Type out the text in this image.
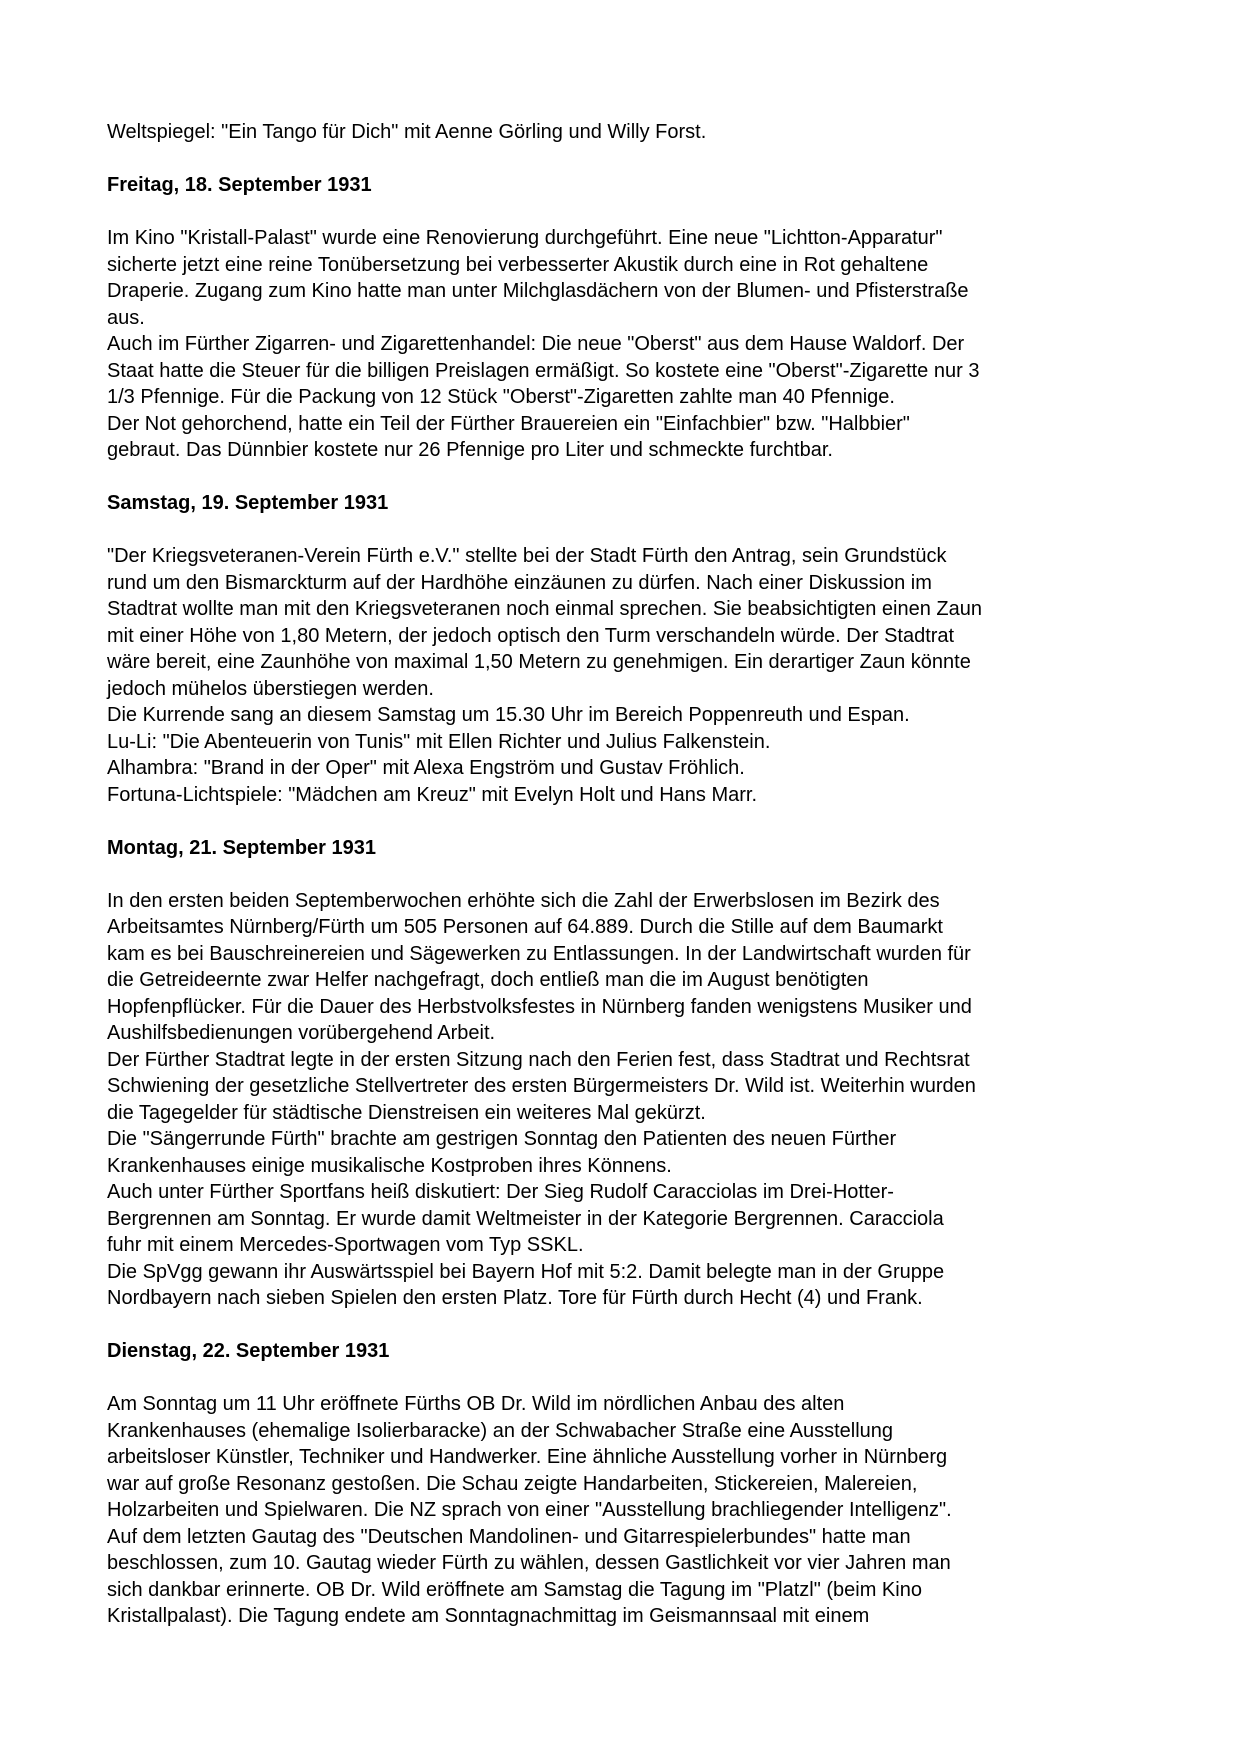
Weltspiegel: "Ein Tango für Dich" mit Aenne Görling und Willy Forst.
Freitag, 18. September 1931
Im Kino "Kristall-Palast" wurde eine Renovierung durchgeführt. Eine neue "Lichtton-Apparatur"
sicherte jetzt eine reine Tonübersetzung bei verbesserter Akustik durch eine in Rot gehaltene
Draperie. Zugang zum Kino hatte man unter Milchglasdächern von der Blumen- und Pfisterstraße
aus.
Auch im Fürther Zigarren- und Zigarettenhandel: Die neue "Oberst" aus dem Hause Waldorf. Der
Staat hatte die Steuer für die billigen Preislagen ermäßigt. So kostete eine "Oberst"-Zigarette nur 3
1/3 Pfennige. Für die Packung von 12 Stück "Oberst"-Zigaretten zahlte man 40 Pfennige.
Der Not gehorchend, hatte ein Teil der Fürther Brauereien ein "Einfachbier" bzw. "Halbbier"
gebraut. Das Dünnbier kostete nur 26 Pfennige pro Liter und schmeckte furchtbar.
Samstag, 19. September 1931
"Der Kriegsveteranen-Verein Fürth e.V." stellte bei der Stadt Fürth den Antrag, sein Grundstück
rund um den Bismarckturm auf der Hardhöhe einzäunen zu dürfen. Nach einer Diskussion im
Stadtrat wollte man mit den Kriegsveteranen noch einmal sprechen. Sie beabsichtigten einen Zaun
mit einer Höhe von 1,80 Metern, der jedoch optisch den Turm verschandeln würde. Der Stadtrat
wäre bereit, eine Zaunhöhe von maximal 1,50 Metern zu genehmigen. Ein derartiger Zaun könnte
jedoch mühelos überstiegen werden.
Die Kurrende sang an diesem Samstag um 15.30 Uhr im Bereich Poppenreuth und Espan.
Lu-Li: "Die Abenteuerin von Tunis" mit Ellen Richter und Julius Falkenstein.
Alhambra: "Brand in der Oper" mit Alexa Engström und Gustav Fröhlich.
Fortuna-Lichtspiele: "Mädchen am Kreuz" mit Evelyn Holt und Hans Marr.
Montag, 21. September 1931
In den ersten beiden Septemberwochen erhöhte sich die Zahl der Erwerbslosen im Bezirk des
Arbeitsamtes Nürnberg/Fürth um 505 Personen auf 64.889. Durch die Stille auf dem Baumarkt
kam es bei Bauschreinereien und Sägewerken zu Entlassungen. In der Landwirtschaft wurden für
die Getreideernte zwar Helfer nachgefragt, doch entließ man die im August benötigten
Hopfenpflücker. Für die Dauer des Herbstvolksfestes in Nürnberg fanden wenigstens Musiker und
Aushilfsbedienungen vorübergehend Arbeit.
Der Fürther Stadtrat legte in der ersten Sitzung nach den Ferien fest, dass Stadtrat und Rechtsrat
Schwiening der gesetzliche Stellvertreter des ersten Bürgermeisters Dr. Wild ist. Weiterhin wurden
die Tagegelder für städtische Dienstreisen ein weiteres Mal gekürzt.
Die "Sängerrunde Fürth" brachte am gestrigen Sonntag den Patienten des neuen Fürther
Krankenhauses einige musikalische Kostproben ihres Könnens.
Auch unter Fürther Sportfans heiß diskutiert: Der Sieg Rudolf Caracciolas im Drei-Hotter-
Bergrennen am Sonntag. Er wurde damit Weltmeister in der Kategorie Bergrennen. Caracciola
fuhr mit einem Mercedes-Sportwagen vom Typ SSKL.
Die SpVgg gewann ihr Auswärtsspiel bei Bayern Hof mit 5:2. Damit belegte man in der Gruppe
Nordbayern nach sieben Spielen den ersten Platz. Tore für Fürth durch Hecht (4) und Frank.
Dienstag, 22. September 1931
Am Sonntag um 11 Uhr eröffnete Fürths OB Dr. Wild im nördlichen Anbau des alten
Krankenhauses (ehemalige Isolierbaracke) an der Schwabacher Straße eine Ausstellung
arbeitsloser Künstler, Techniker und Handwerker. Eine ähnliche Ausstellung vorher in Nürnberg
war auf große Resonanz gestoßen. Die Schau zeigte Handarbeiten, Stickereien, Malereien,
Holzarbeiten und Spielwaren. Die NZ sprach von einer "Ausstellung brachliegender Intelligenz".
Auf dem letzten Gautag des "Deutschen Mandolinen- und Gitarrespielerbundes" hatte man
beschlossen, zum 10. Gautag wieder Fürth zu wählen, dessen Gastlichkeit vor vier Jahren man
sich dankbar erinnerte. OB Dr. Wild eröffnete am Samstag die Tagung im "Platzl" (beim Kino
Kristallpalast). Die Tagung endete am Sonntagnachmittag im Geismannsaal mit einem
